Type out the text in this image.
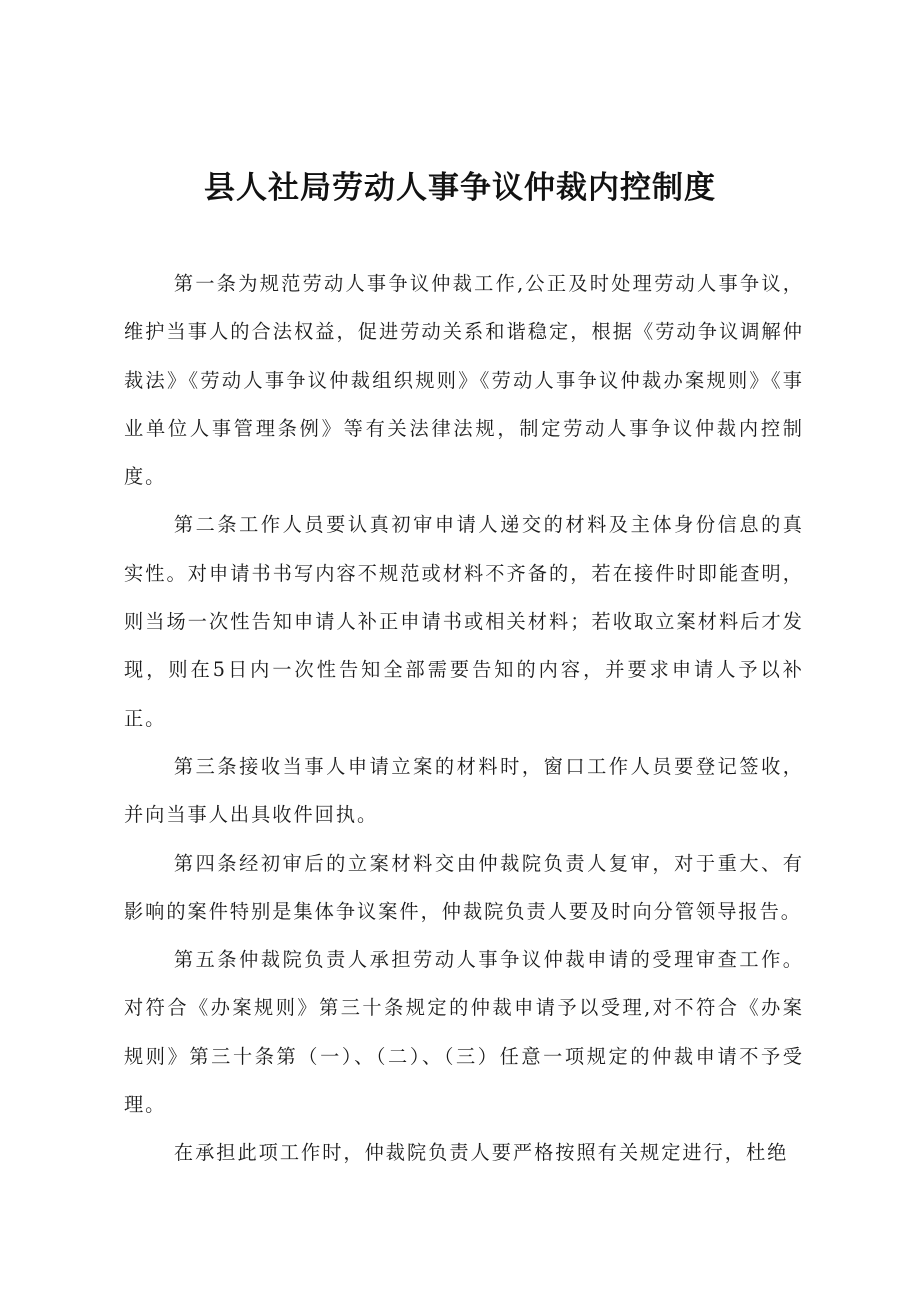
县人社局劳动人事争议仲裁内控制度

第一条为规范劳动人事争议仲裁工作,公正及时处理劳动人事争议，维护当事人的合法权益，促进劳动关系和谐稳定，根据《劳动争议调解仲裁法》《劳动人事争议仲裁组织规则》《劳动人事争议仲裁办案规则》《事业单位人事管理条例》等有关法律法规，制定劳动人事争议仲裁内控制度。

第二条工作人员要认真初审申请人递交的材料及主体身份信息的真实性。对申请书书写内容不规范或材料不齐备的，若在接件时即能查明，则当场一次性告知申请人补正申请书或相关材料；若收取立案材料后才发现，则在5日内一次性告知全部需要告知的内容，并要求申请人予以补正。

第三条接收当事人申请立案的材料时，窗口工作人员要登记签收，并向当事人出具收件回执。

第四条经初审后的立案材料交由仲裁院负责人复审，对于重大、有影响的案件特别是集体争议案件，仲裁院负责人要及时向分管领导报告。

第五条仲裁院负责人承担劳动人事争议仲裁申请的受理审查工作。对符合《办案规则》第三十条规定的仲裁申请予以受理,对不符合《办案规则》第三十条第（一）、（二）、（三）任意一项规定的仲裁申请不予受理。

在承担此项工作时，仲裁院负责人要严格按照有关规定进行，杜绝
